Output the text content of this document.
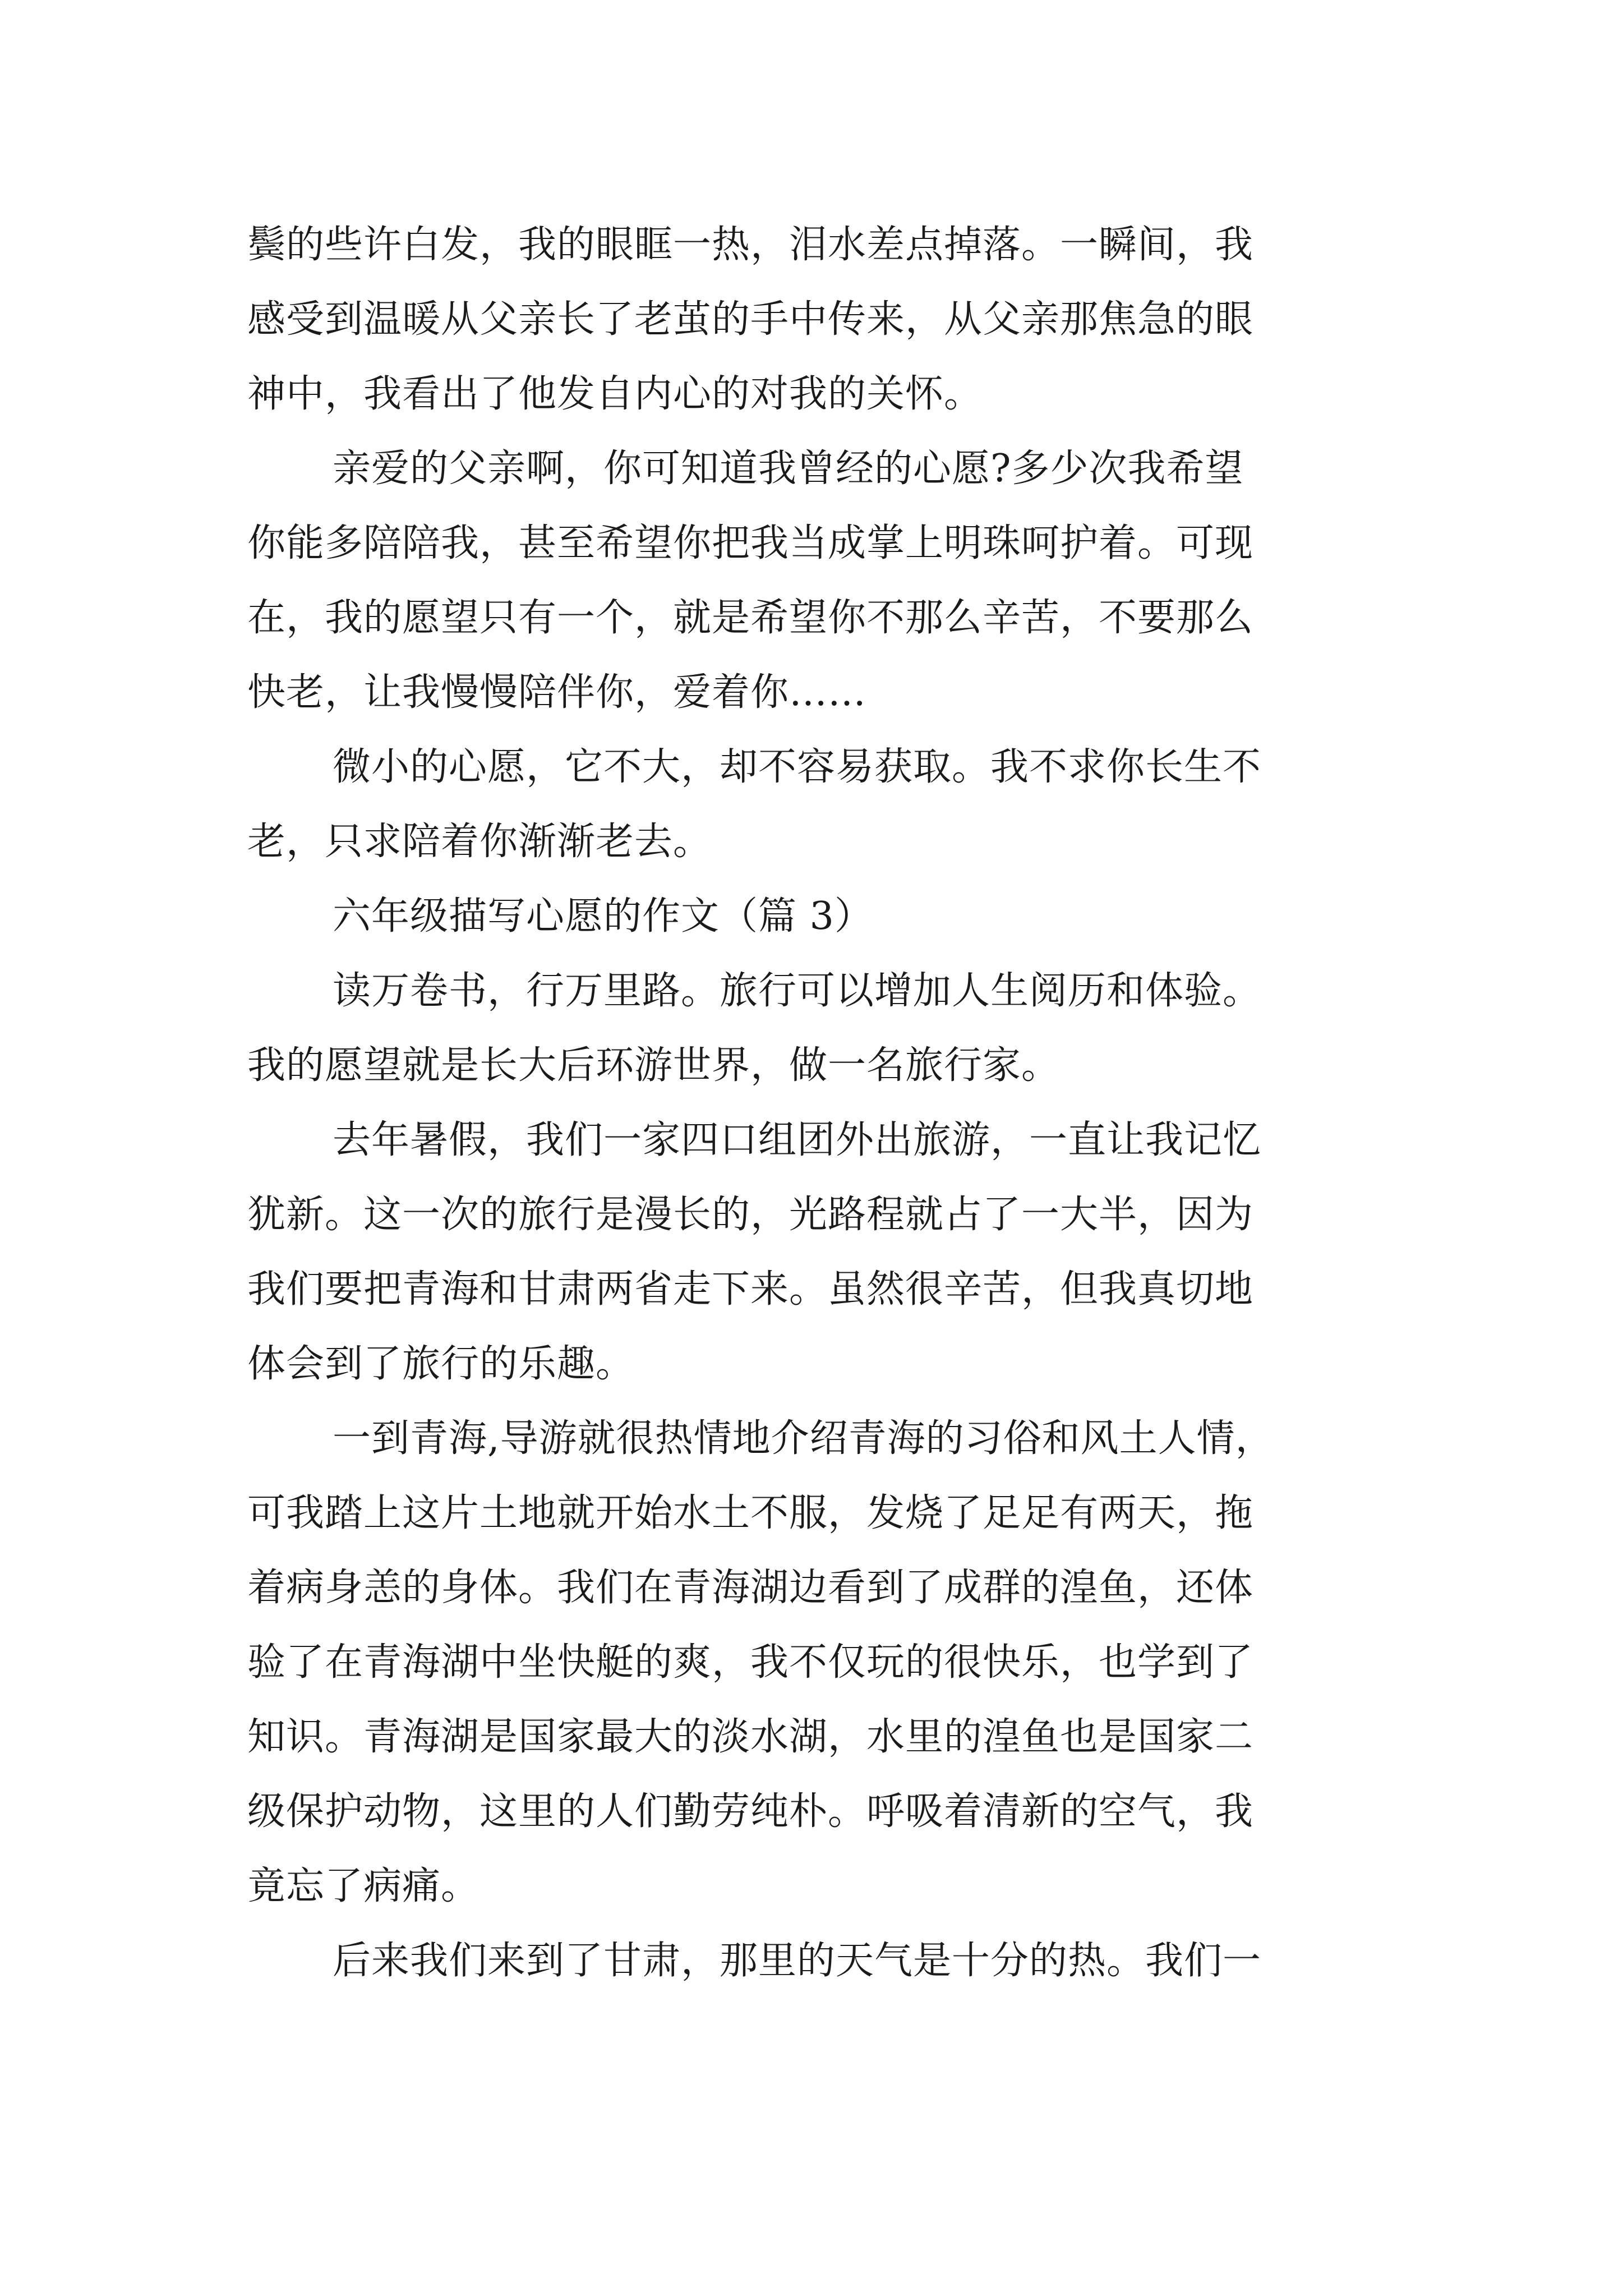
鬓的些许白发，我的眼眶一热，泪水差点掉落。一瞬间，我
感受到温暖从父亲长了老茧的手中传来，从父亲那焦急的眼
神中，我看出了他发自内心的对我的关怀。
亲爱的父亲啊，你可知道我曾经的心愿?多少次我希望
你能多陪陪我，甚至希望你把我当成掌上明珠呵护着。可现
在，我的愿望只有一个，就是希望你不那么辛苦，不要那么
快老，让我慢慢陪伴你，爱着你……
微小的心愿，它不大，却不容易获取。我不求你长生不
老，只求陪着你渐渐老去。
六年级描写心愿的作文（篇 3）
读万卷书，行万里路。旅行可以增加人生阅历和体验。
我的愿望就是长大后环游世界，做一名旅行家。
去年暑假，我们一家四口组团外出旅游，一直让我记忆
犹新。这一次的旅行是漫长的，光路程就占了一大半，因为
我们要把青海和甘肃两省走下来。虽然很辛苦，但我真切地
体会到了旅行的乐趣。
一到青海,导游就很热情地介绍青海的习俗和风土人情，
可我踏上这片土地就开始水土不服，发烧了足足有两天，拖
着病身恙的身体。我们在青海湖边看到了成群的湟鱼，还体
验了在青海湖中坐快艇的爽，我不仅玩的很快乐，也学到了
知识。青海湖是国家最大的淡水湖，水里的湟鱼也是国家二
级保护动物，这里的人们勤劳纯朴。呼吸着清新的空气，我
竟忘了病痛。
后来我们来到了甘肃，那里的天气是十分的热。我们一
